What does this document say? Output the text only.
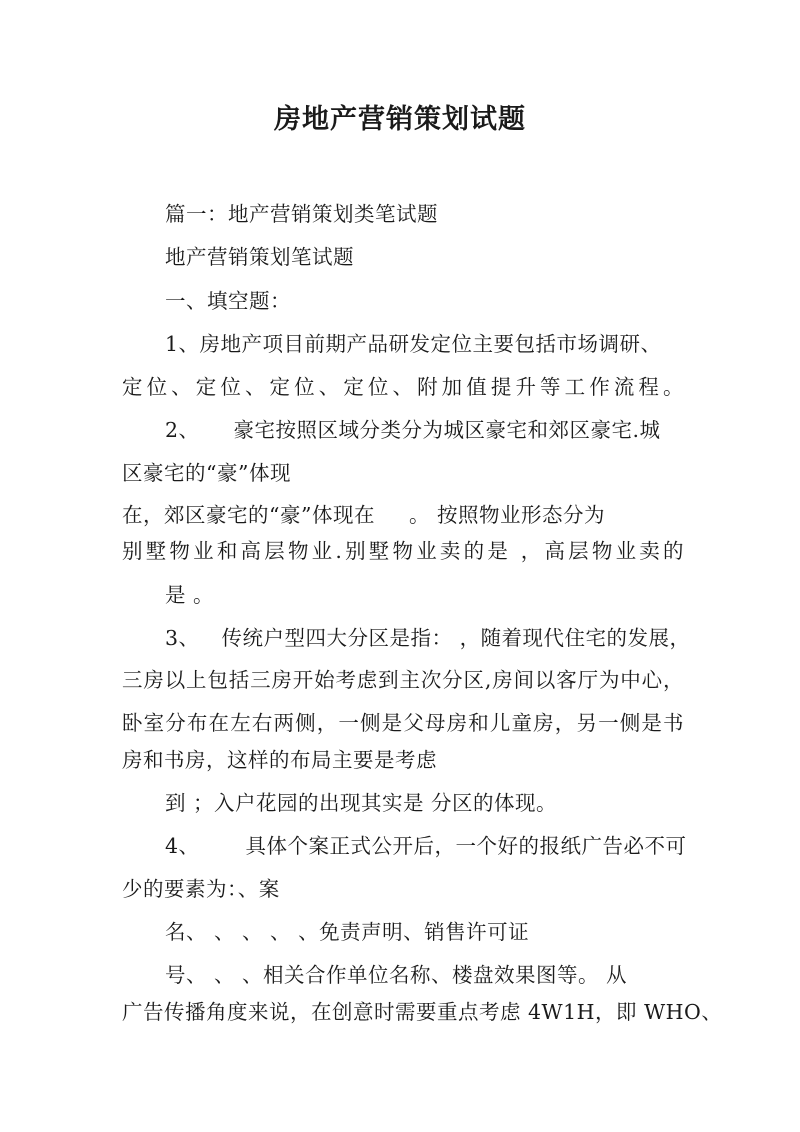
房地产营销策划试题
篇一：地产营销策划类笔试题
地产营销策划笔试题
一、填空题：
1、房地产项目前期产品研发定位主要包括市场调研、
定位、定位、定位、定位、附加值提升等工作流程。
2、 豪宅按照区域分类分为城区豪宅和郊区豪宅.城
区豪宅的“豪”体现
在，郊区豪宅的“豪”体现在 。 按照物业形态分为
别墅物业和高层物业.别墅物业卖的是 ，高层物业卖的
是 。
3、 传统户型四大分区是指： ，随着现代住宅的发展，
三房以上包括三房开始考虑到主次分区,房间以客厅为中心，
卧室分布在左右两侧，一侧是父母房和儿童房，另一侧是书
房和书房，这样的布局主要是考虑
到 ；入户花园的出现其实是 分区的体现。
4、 具体个案正式公开后，一个好的报纸广告必不可
少的要素为：、案
名、 、 、 、 、免责声明、销售许可证
号、 、 、相关合作单位名称、楼盘效果图等。 从
广告传播角度来说，在创意时需要重点考虑 4W1H，即 WHO、
